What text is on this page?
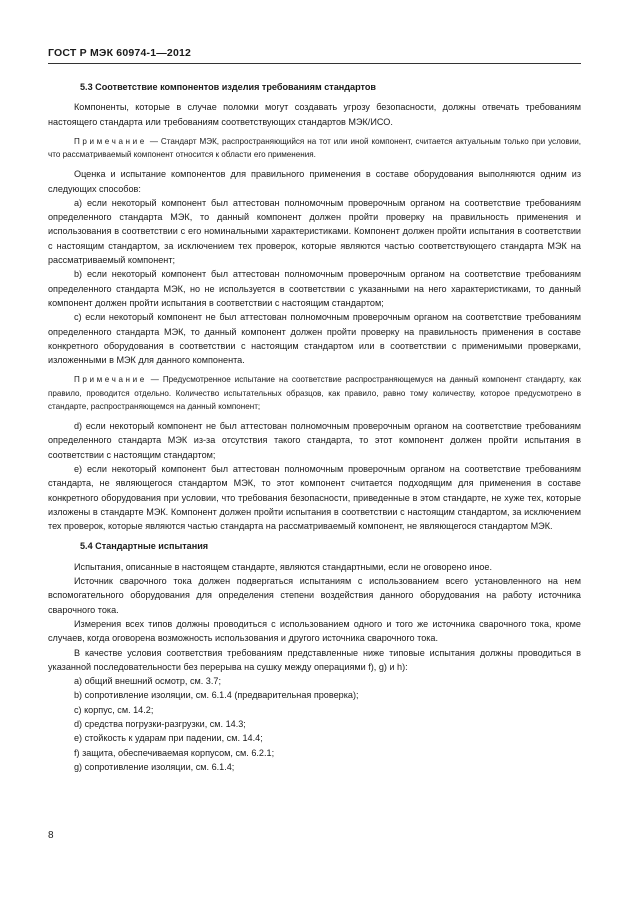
ГОСТ Р МЭК 60974-1—2012

5.3 Соответствие компонентов изделия требованиям стандартов

Компоненты, которые в случае поломки могут создавать угрозу безопасности, должны отвечать требованиям настоящего стандарта или требованиям соответствующих стандартов МЭК/ИСО.

Примечание — Стандарт МЭК, распространяющийся на тот или иной компонент, считается актуальным только при условии, что рассматриваемый компонент относится к области его применения.

Оценка и испытание компонентов для правильного применения в составе оборудования выполняются одним из следующих способов:

a) если некоторый компонент был аттестован полномочным проверочным органом на соответствие требованиям определенного стандарта МЭК, то данный компонент должен пройти проверку на правильность применения и использования в соответствии с его номинальными характеристиками. Компонент должен пройти испытания в соответствии с настоящим стандартом, за исключением тех проверок, которые являются частью соответствующего стандарта МЭК на рассматриваемый компонент;

b) если некоторый компонент был аттестован полномочным проверочным органом на соответствие требованиям определенного стандарта МЭК, но не используется в соответствии с указанными на него характеристиками, то данный компонент должен пройти испытания в соответствии с настоящим стандартом;

c) если некоторый компонент не был аттестован полномочным проверочным органом на соответствие требованиям определенного стандарта МЭК, то данный компонент должен пройти проверку на правильность применения в составе конкретного оборудования в соответствии с настоящим стандартом или в соответствии с применимыми проверками, изложенными в МЭК для данного компонента.

Примечание — Предусмотренное испытание на соответствие распространяющемуся на данный компонент стандарту, как правило, проводится отдельно. Количество испытательных образцов, как правило, равно тому количеству, которое предусмотрено в стандарте, распространяющемся на данный компонент;

d) если некоторый компонент не был аттестован полномочным проверочным органом на соответствие требованиям определенного стандарта МЭК из-за отсутствия такого стандарта, то этот компонент должен пройти испытания в соответствии с настоящим стандартом;

e) если некоторый компонент был аттестован полномочным проверочным органом на соответствие требованиям стандарта, не являющегося стандартом МЭК, то этот компонент считается подходящим для применения в составе конкретного оборудования при условии, что требования безопасности, приведенные в этом стандарте, не хуже тех, которые изложены в стандарте МЭК. Компонент должен пройти испытания в соответствии с настоящим стандартом, за исключением тех проверок, которые являются частью стандарта на рассматриваемый компонент, не являющегося стандартом МЭК.

5.4 Стандартные испытания

Испытания, описанные в настоящем стандарте, являются стандартными, если не оговорено иное.

Источник сварочного тока должен подвергаться испытаниям с использованием всего установленного на нем вспомогательного оборудования для определения степени воздействия данного оборудования на работу источника сварочного тока.

Измерения всех типов должны проводиться с использованием одного и того же источника сварочного тока, кроме случаев, когда оговорена возможность использования и другого источника сварочного тока.

В качестве условия соответствия требованиям представленные ниже типовые испытания должны проводиться в указанной последовательности без перерыва на сушку между операциями f), g) и h):

a) общий внешний осмотр, см. 3.7;

b) сопротивление изоляции, см. 6.1.4 (предварительная проверка);

c) корпус, см. 14.2;

d) средства погрузки-разгрузки, см. 14.3;

e) стойкость к ударам при падении, см. 14.4;

f) защита, обеспечиваемая корпусом, см. 6.2.1;

g) сопротивление изоляции, см. 6.1.4;

8
